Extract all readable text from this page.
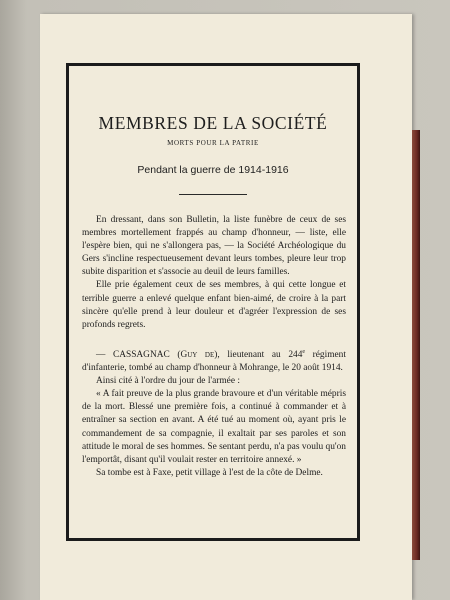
MEMBRES DE LA SOCIÉTÉ
MORTS POUR LA PATRIE
Pendant la guerre de 1914-1916

En dressant, dans son Bulletin, la liste funèbre de ceux de ses membres mortellement frappés au champ d'honneur, — liste, elle l'espère bien, qui ne s'allongera pas, — la Société Archéologique du Gers s'incline respectueusement devant leurs tombes, pleure leur trop subite disparition et s'associe au deuil de leurs familles.

Elle prie également ceux de ses membres, à qui cette longue et terrible guerre a enlevé quelque enfant bien-aimé, de croire à la part sincère qu'elle prend à leur douleur et d'agréer l'expression de ses profonds regrets.

— CASSAGNAC (Guy de), lieutenant au 244e régiment d'infanterie, tombé au champ d'honneur à Mohrange, le 20 août 1914.

Ainsi cité à l'ordre du jour de l'armée :

« A fait preuve de la plus grande bravoure et d'un véritable mépris de la mort. Blessé une première fois, a continué à commander et à entraîner sa section en avant. A été tué au moment où, ayant pris le commandement de sa compagnie, il exaltait par ses paroles et son attitude le moral de ses hommes. Se sentant perdu, n'a pas voulu qu'on l'emportât, disant qu'il voulait rester en territoire annexé. »

Sa tombe est à Faxe, petit village à l'est de la côte de Delme.
